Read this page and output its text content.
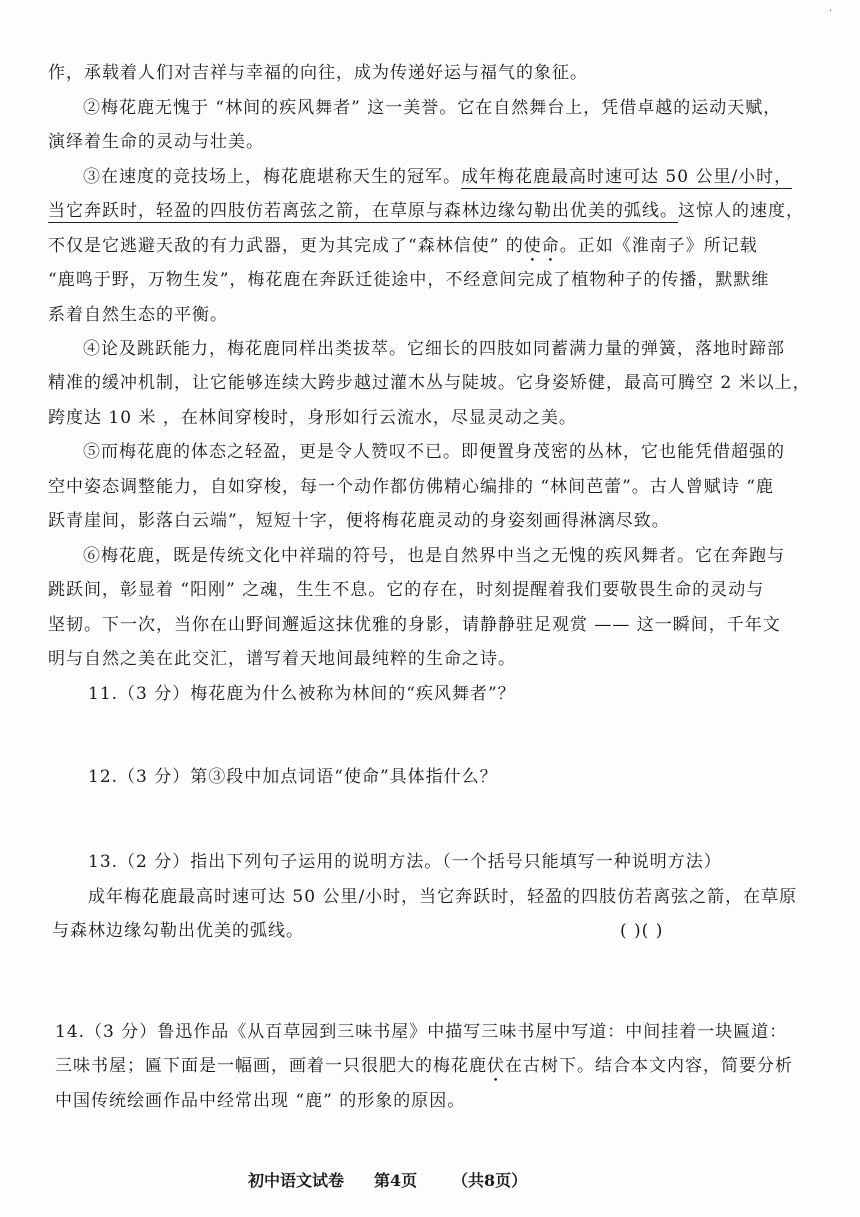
·
作，承载着人们对吉祥与幸福的向往，成为传递好运与福气的象征。
②梅花鹿无愧于 “林间的疾风舞者” 这一美誉。它在自然舞台上，凭借卓越的运动天赋，
演绎着生命的灵动与壮美。
③在速度的竞技场上，梅花鹿堪称天生的冠军。成年梅花鹿最高时速可达 50 公里/小时，
当它奔跃时，轻盈的四肢仿若离弦之箭，在草原与森林边缘勾勒出优美的弧线。这惊人的速度，
不仅是它逃避天敌的有力武器，更为其完成了“森林信使” 的使命。正如《淮南子》所记载
“鹿鸣于野，万物生发”，梅花鹿在奔跃迁徙途中，不经意间完成了植物种子的传播，默默维
系着自然生态的平衡。
④论及跳跃能力，梅花鹿同样出类拔萃。它细长的四肢如同蓄满力量的弹簧，落地时蹄部
精准的缓冲机制，让它能够连续大跨步越过灌木丛与陡坡。它身姿矫健，最高可腾空 2 米以上，
跨度达 10 米 ，在林间穿梭时，身形如行云流水，尽显灵动之美。
⑤而梅花鹿的体态之轻盈，更是令人赞叹不已。即便置身茂密的丛林，它也能凭借超强的
空中姿态调整能力，自如穿梭，每一个动作都仿佛精心编排的 “林间芭蕾”。古人曾赋诗 “鹿
跃青崖间，影落白云端”，短短十字，便将梅花鹿灵动的身姿刻画得淋漓尽致。
⑥梅花鹿，既是传统文化中祥瑞的符号，也是自然界中当之无愧的疾风舞者。它在奔跑与
跳跃间，彰显着 “阳刚” 之魂，生生不息。它的存在，时刻提醒着我们要敬畏生命的灵动与
坚韧。下一次，当你在山野间邂逅这抹优雅的身影，请静静驻足观赏 —— 这一瞬间，千年文
明与自然之美在此交汇，谱写着天地间最纯粹的生命之诗。
11.（3 分）梅花鹿为什么被称为林间的“疾风舞者”？
12.（3 分）第③段中加点词语“使命”具体指什么？
13.（2 分）指出下列句子运用的说明方法。（一个括号只能填写一种说明方法）
成年梅花鹿最高时速可达 50 公里/小时，当它奔跃时，轻盈的四肢仿若离弦之箭，在草原
与森林边缘勾勒出优美的弧线。	( )( )
14.（3 分）鲁迅作品《从百草园到三味书屋》中描写三味书屋中写道：中间挂着一块匾道：
三味书屋；匾下面是一幅画，画着一只很肥大的梅花鹿伏在古树下。结合本文内容，简要分析
中国传统绘画作品中经常出现 “鹿” 的形象的原因。
初中语文试卷 第4页 （共8页）
